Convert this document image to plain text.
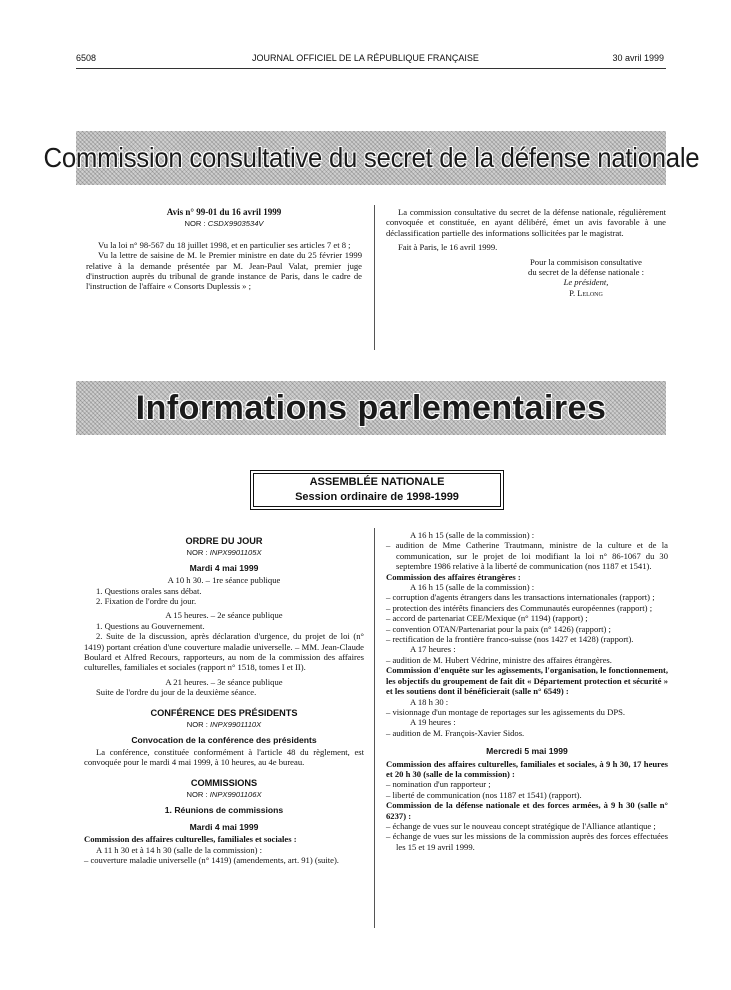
6508	JOURNAL OFFICIEL DE LA RÉPUBLIQUE FRANÇAISE	30 avril 1999
Commission consultative du secret de la défense nationale

Avis n° 99-01 du 16 avril 1999

NOR : CSDX9903534V

Vu la loi n° 98-567 du 18 juillet 1998, et en particulier ses articles 7 et 8 ;

Vu la lettre de saisine de M. le Premier ministre en date du 25 février 1999 relative à la demande présentée par M. Jean-Paul Valat, premier juge d'instruction auprès du tribunal de grande instance de Paris, dans le cadre de l'instruction de l'affaire « Consorts Duplessis » ;

La commission consultative du secret de la défense nationale, régulièrement convoquée et constituée, en ayant délibéré, émet un avis favorable à une déclassification partielle des informations sollicitées par le magistrat.

Fait à Paris, le 16 avril 1999.

Pour la commisison consultative

du secret de la défense nationale :

Le président,

P. Lelong

Informations parlementaires
ASSEMBLÉE NATIONALE
Session ordinaire de 1998-1999

ORDRE DU JOUR

NOR : INPX9901105X

Mardi 4 mai 1999

A 10 h 30. – 1re séance publique

1. Questions orales sans débat.

2. Fixation de l'ordre du jour.

A 15 heures. – 2e séance publique

1. Questions au Gouvernement.

2. Suite de la discussion, après déclaration d'urgence, du projet de loi (n° 1419) portant création d'une couverture maladie universelle. – MM. Jean-Claude Boulard et Alfred Recours, rapporteurs, au nom de la commission des affaires culturelles, familiales et sociales (rapport n° 1518, tomes I et II).

A 21 heures. – 3e séance publique

Suite de l'ordre du jour de la deuxième séance.

CONFÉRENCE DES PRÉSIDENTS

NOR : INPX9901110X

Convocation de la conférence des présidents

La conférence, constituée conformément à l'article 48 du règlement, est convoquée pour le mardi 4 mai 1999, à 10 heures, au 4e bureau.

COMMISSIONS

NOR : INPX9901106X

1. Réunions de commissions

Mardi 4 mai 1999

Commission des affaires culturelles, familiales et sociales :

A 11 h 30 et à 14 h 30 (salle de la commission) :

– couverture maladie universelle (n° 1419) (amendements, art. 91) (suite).

A 16 h 15 (salle de la commission) :

– audition de Mme Catherine Trautmann, ministre de la culture et de la communication, sur le projet de loi modifiant la loi n° 86-1067 du 30 septembre 1986 relative à la liberté de communication (nos 1187 et 1541).

Commission des affaires étrangères :

A 16 h 15 (salle de la commission) :

– corruption d'agents étrangers dans les transactions internationales (rapport) ;

– protection des intérêts financiers des Communautés européennes (rapport) ;

– accord de partenariat CEE/Mexique (n° 1194) (rapport) ;

– convention OTAN/Partenariat pour la paix (n° 1426) (rapport) ;

– rectification de la frontière franco-suisse (nos 1427 et 1428) (rapport).

A 17 heures :

– audition de M. Hubert Védrine, ministre des affaires étrangères.

Commission d'enquête sur les agissements, l'organisation, le fonctionnement, les objectifs du groupement de fait dit « Département protection et sécurité » et les soutiens dont il bénéficierait (salle n° 6549) :

A 18 h 30 :

– visionnage d'un montage de reportages sur les agissements du DPS.

A 19 heures :

– audition de M. François-Xavier Sidos.

Mercredi 5 mai 1999

Commission des affaires culturelles, familiales et sociales, à 9 h 30, 17 heures et 20 h 30 (salle de la commission) :

– nomination d'un rapporteur ;

– liberté de communication (nos 1187 et 1541) (rapport).

Commission de la défense nationale et des forces armées, à 9 h 30 (salle n° 6237) :

– échange de vues sur le nouveau concept stratégique de l'Alliance atlantique ;

– échange de vues sur les missions de la commission auprès des forces effectuées les 15 et 19 avril 1999.
